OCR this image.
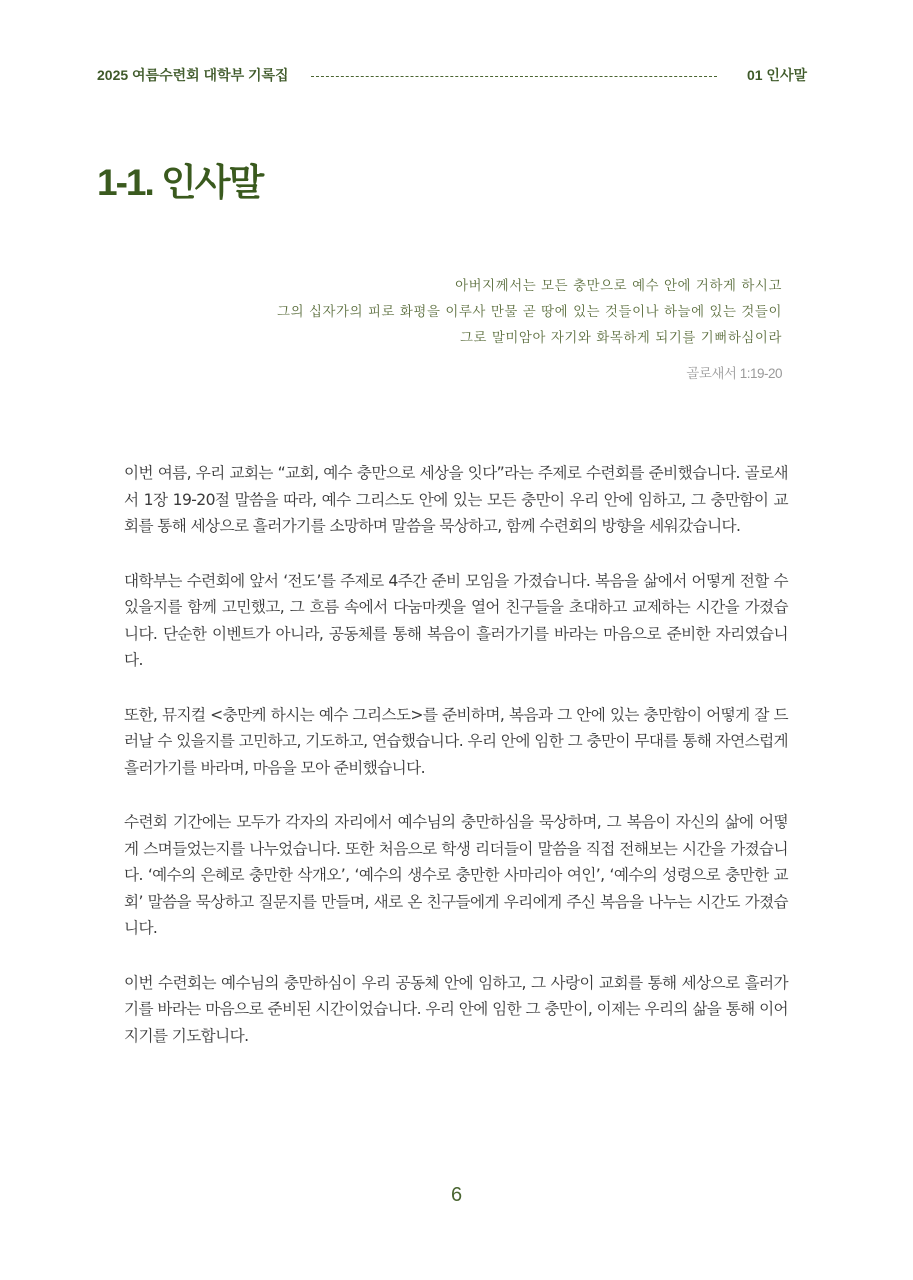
2025 여름수련회 대학부 기록집	01 인사말
1-1. 인사말
아버지께서는 모든 충만으로 예수 안에 거하게 하시고
그의 십자가의 피로 화평을 이루사 만물 곧 땅에 있는 것들이나 하늘에 있는 것들이
그로 말미암아 자기와 화목하게 되기를 기뻐하심이라
골로새서 1:19-20

이번 여름, 우리 교회는 “교회, 예수 충만으로 세상을 잇다”라는 주제로 수련회를 준비했습니다. 골로새서 1장 19-20절 말씀을 따라, 예수 그리스도 안에 있는 모든 충만이 우리 안에 임하고, 그 충만함이 교회를 통해 세상으로 흘러가기를 소망하며 말씀을 묵상하고, 함께 수련회의 방향을 세워갔습니다.

대학부는 수련회에 앞서 ‘전도’를 주제로 4주간 준비 모임을 가졌습니다. 복음을 삶에서 어떻게 전할 수 있을지를 함께 고민했고, 그 흐름 속에서 다눔마켓을 열어 친구들을 초대하고 교제하는 시간을 가졌습니다. 단순한 이벤트가 아니라, 공동체를 통해 복음이 흘러가기를 바라는 마음으로 준비한 자리였습니다.

또한, 뮤지컬 <충만케 하시는 예수 그리스도>를 준비하며, 복음과 그 안에 있는 충만함이 어떻게 잘 드러날 수 있을지를 고민하고, 기도하고, 연습했습니다. 우리 안에 임한 그 충만이 무대를 통해 자연스럽게 흘러가기를 바라며, 마음을 모아 준비했습니다.

수련회 기간에는 모두가 각자의 자리에서 예수님의 충만하심을 묵상하며, 그 복음이 자신의 삶에 어떻게 스며들었는지를 나누었습니다. 또한 처음으로 학생 리더들이 말씀을 직접 전해보는 시간을 가졌습니다. ‘예수의 은혜로 충만한 삭개오’, ‘예수의 생수로 충만한 사마리아 여인’, ‘예수의 성령으로 충만한 교회’ 말씀을 묵상하고 질문지를 만들며, 새로 온 친구들에게 우리에게 주신 복음을 나누는 시간도 가졌습니다.

이번 수련회는 예수님의 충만하심이 우리 공동체 안에 임하고, 그 사랑이 교회를 통해 세상으로 흘러가기를 바라는 마음으로 준비된 시간이었습니다. 우리 안에 임한 그 충만이, 이제는 우리의 삶을 통해 이어지기를 기도합니다.

6
